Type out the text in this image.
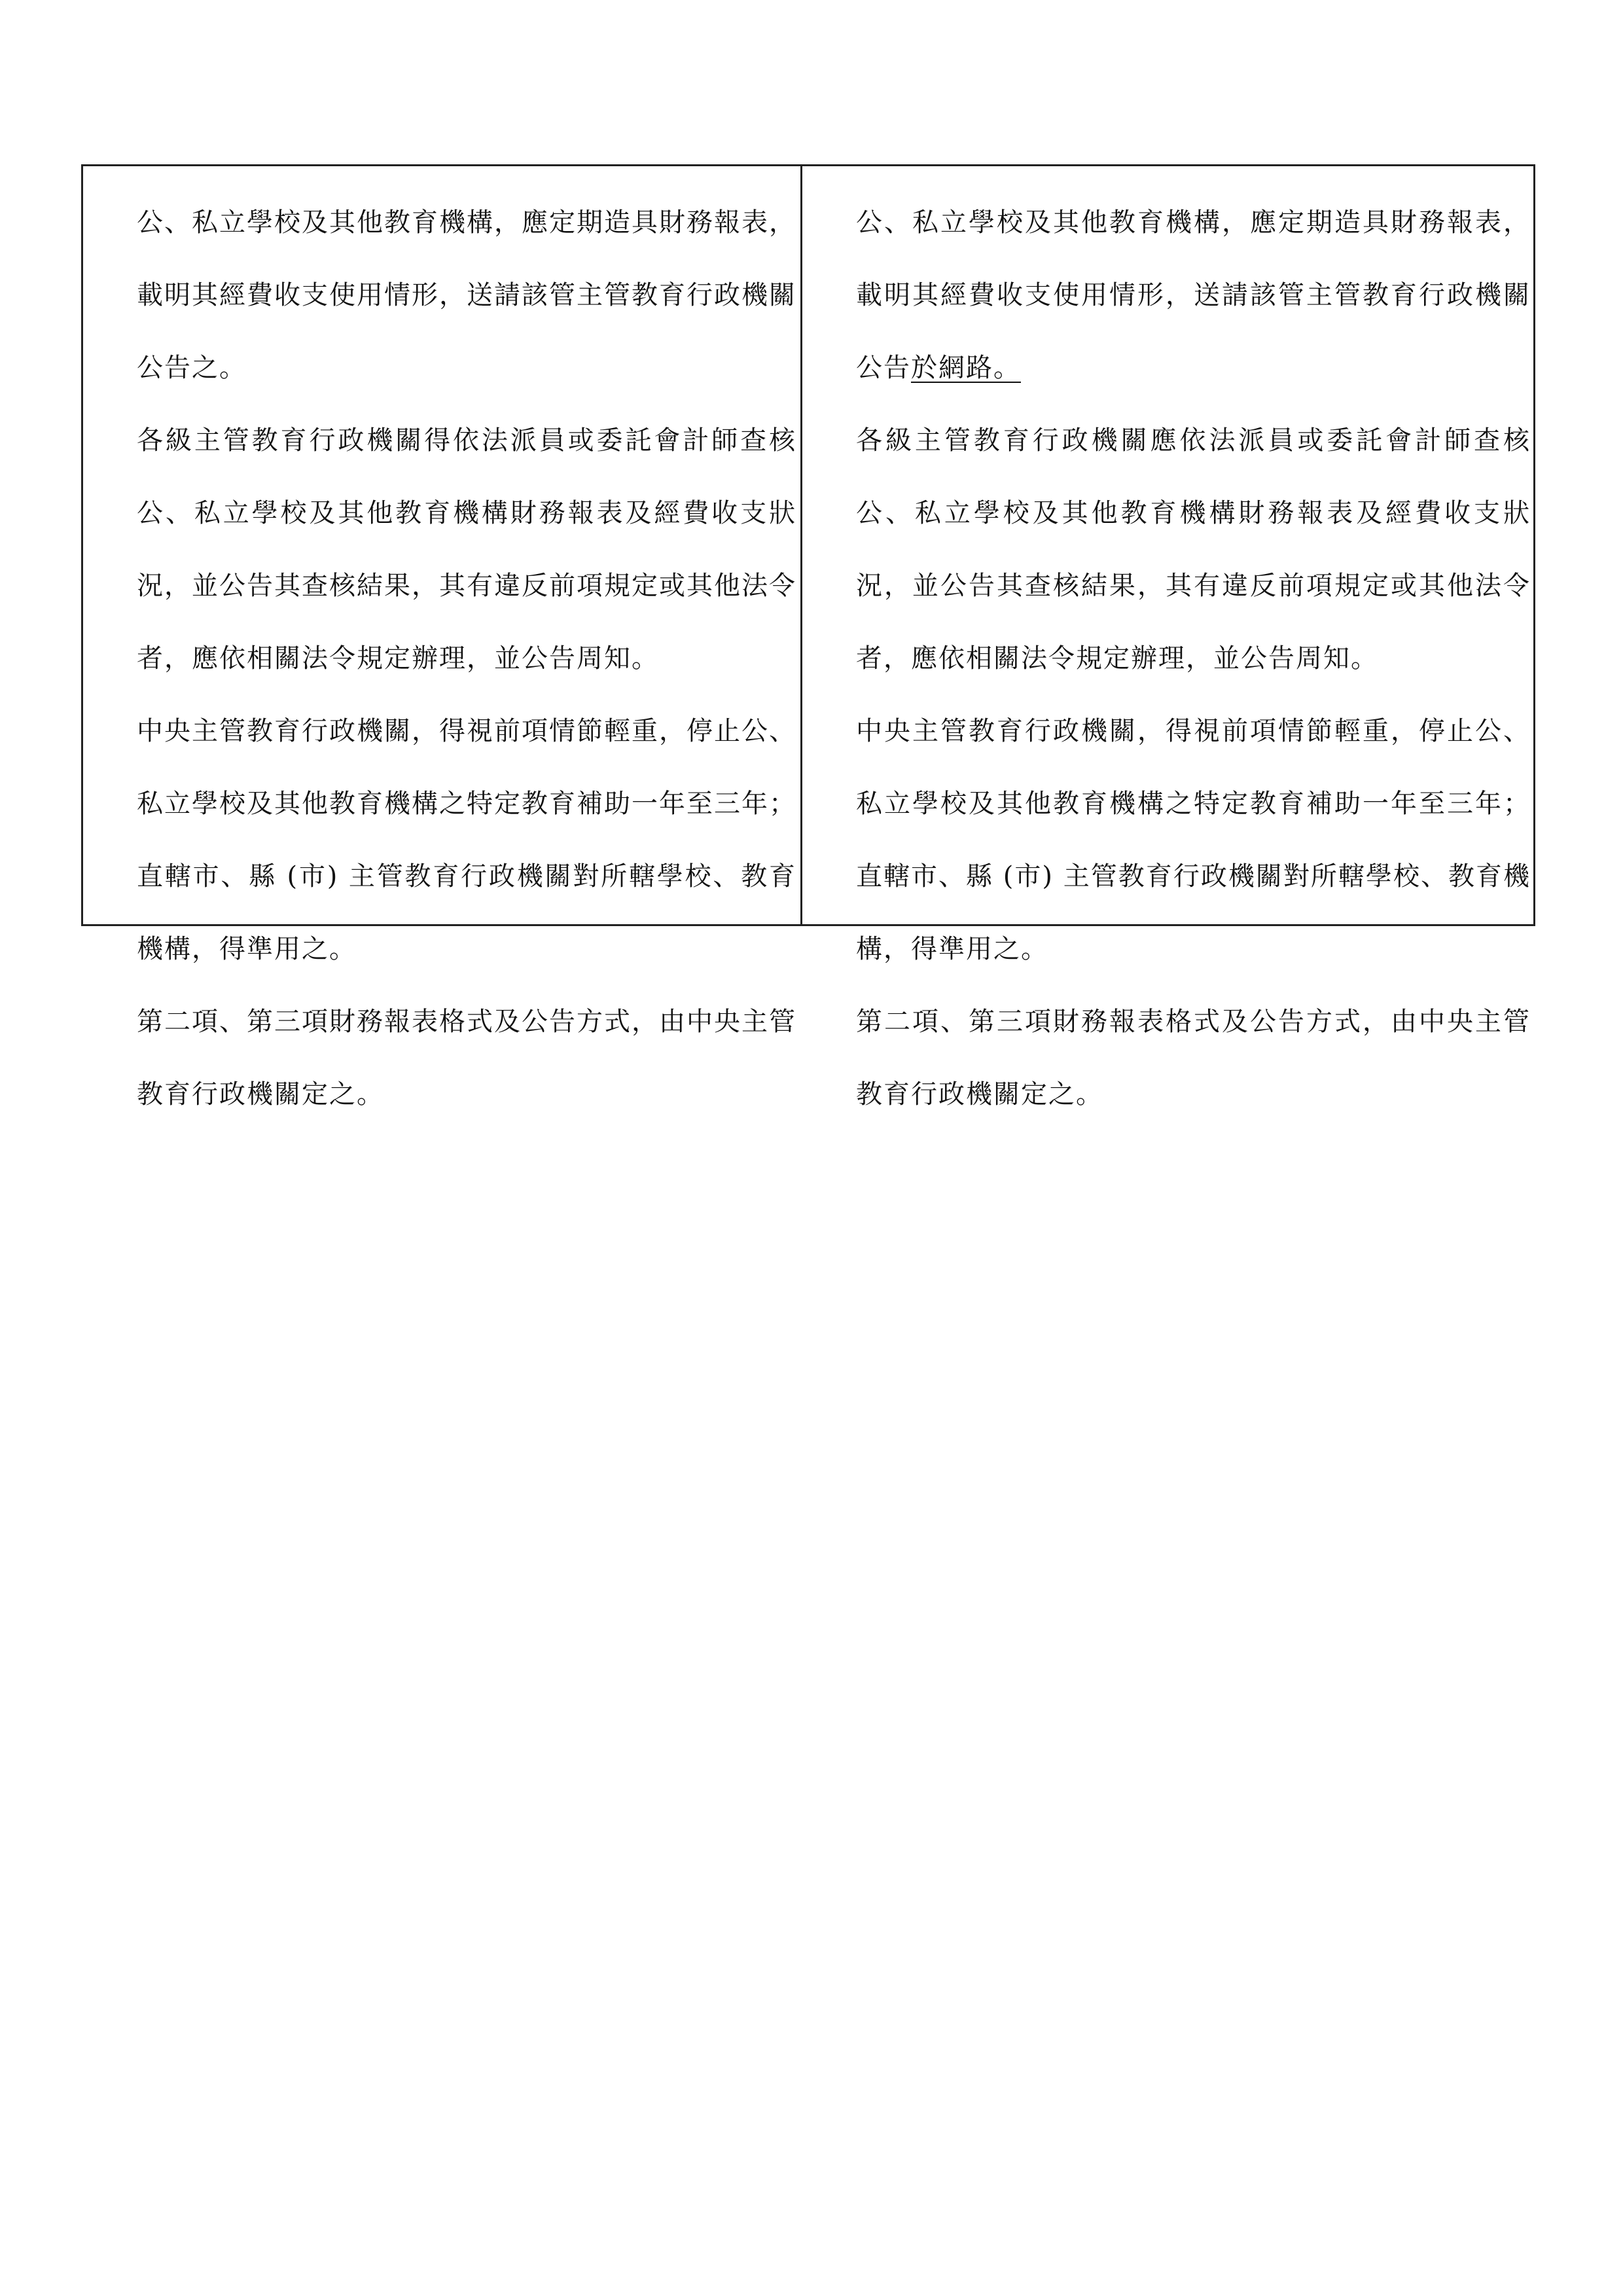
公、私立學校及其他教育機構，應定期造具財務報表，載明其經費收支使用情形，送請該管主管教育行政機關公告之。

各級主管教育行政機關得依法派員或委託會計師查核公、私立學校及其他教育機構財務報表及經費收支狀況，並公告其查核結果，其有違反前項規定或其他法令者，應依相關法令規定辦理，並公告周知。

中央主管教育行政機關，得視前項情節輕重，停止公、私立學校及其他教育機構之特定教育補助一年至三年；直轄市、縣 (市) 主管教育行政機關對所轄學校、教育機構，得準用之。

第二項、第三項財務報表格式及公告方式，由中央主管教育行政機關定之。

公、私立學校及其他教育機構，應定期造具財務報表，載明其經費收支使用情形，送請該管主管教育行政機關公告於網路。

各級主管教育行政機關應依法派員或委託會計師查核公、私立學校及其他教育機構財務報表及經費收支狀況，並公告其查核結果，其有違反前項規定或其他法令者，應依相關法令規定辦理，並公告周知。

中央主管教育行政機關，得視前項情節輕重，停止公、私立學校及其他教育機構之特定教育補助一年至三年；直轄市、縣 (市) 主管教育行政機關對所轄學校、教育機構，得準用之。

第二項、第三項財務報表格式及公告方式，由中央主管教育行政機關定之。
